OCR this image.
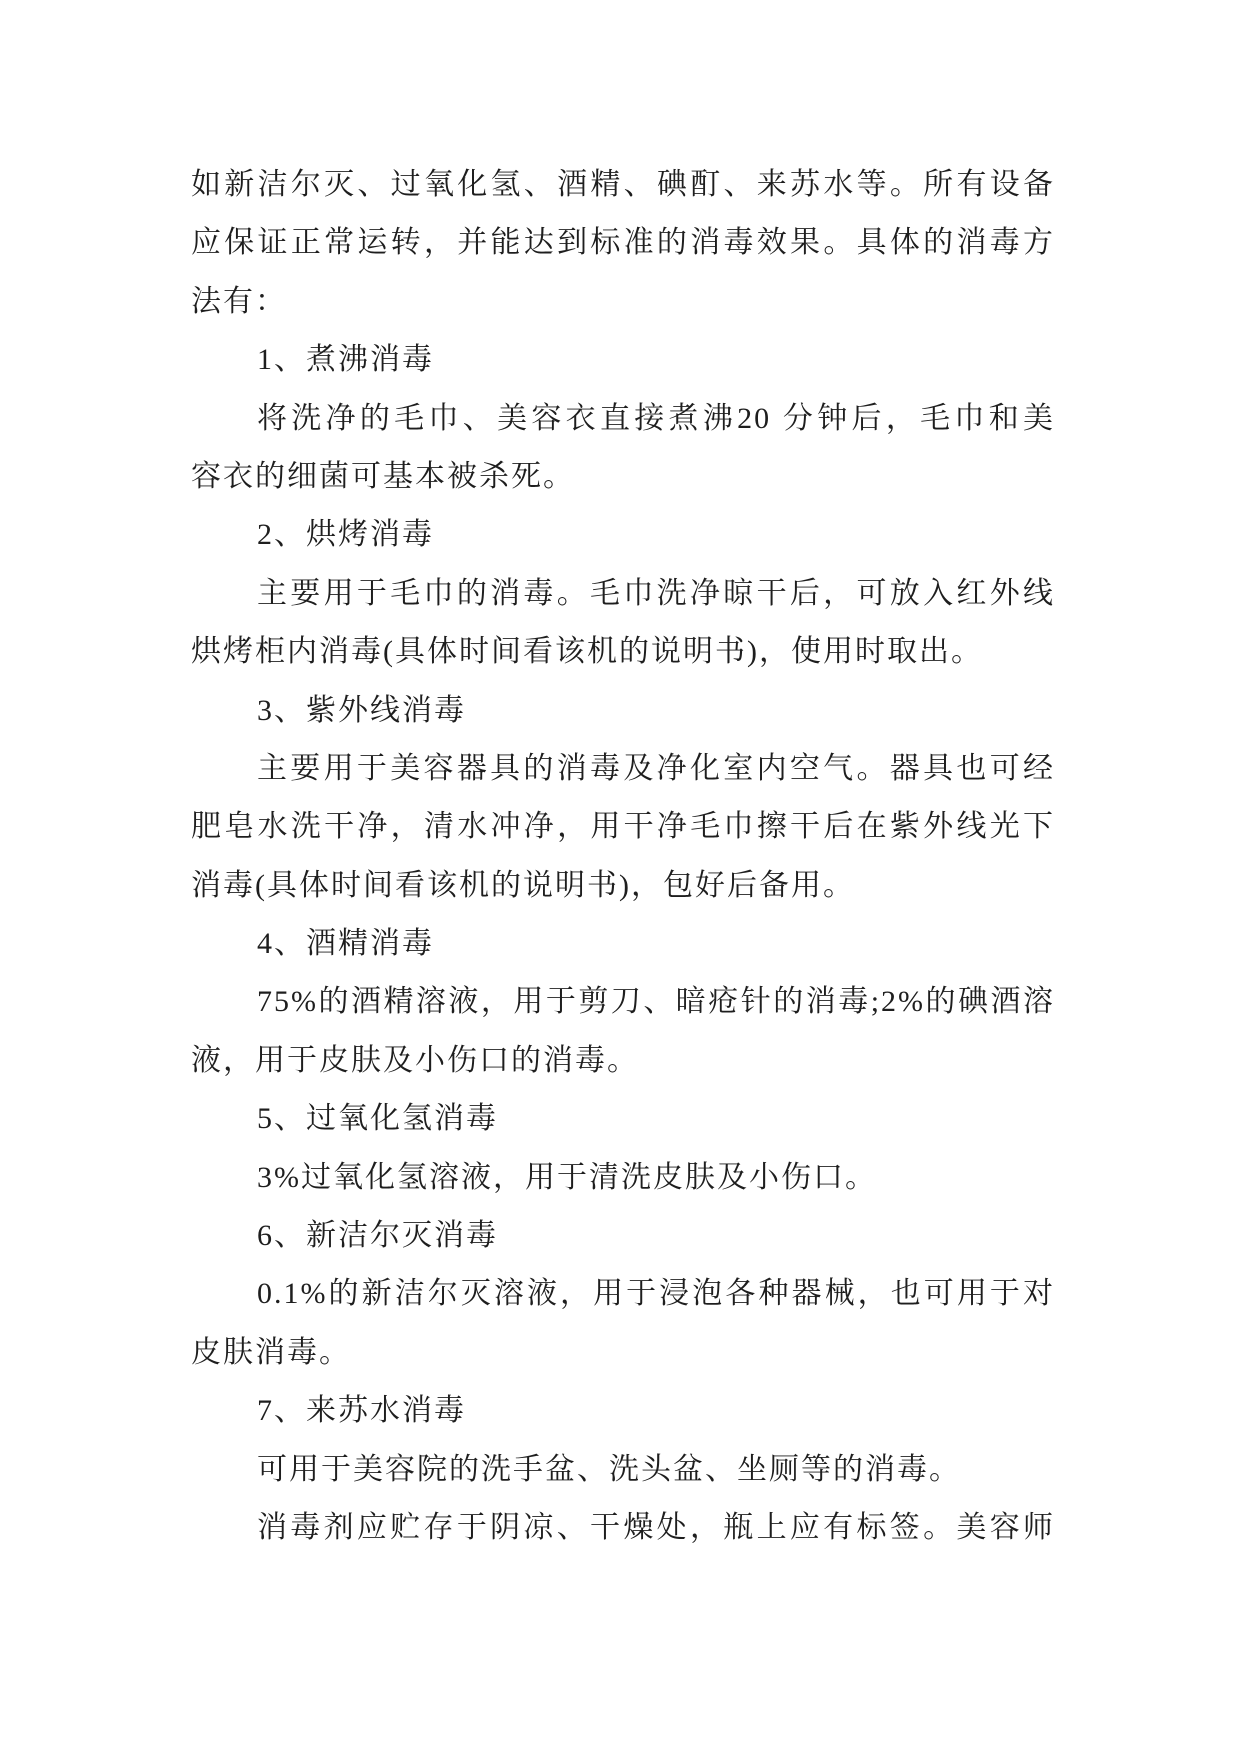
如新洁尔灭、过氧化氢、酒精、碘酊、来苏水等。所有设备
应保证正常运转，并能达到标准的消毒效果。具体的消毒方
法有：
1、煮沸消毒
将洗净的毛巾、美容衣直接煮沸20 分钟后，毛巾和美
容衣的细菌可基本被杀死。
2、烘烤消毒
主要用于毛巾的消毒。毛巾洗净晾干后，可放入红外线
烘烤柜内消毒(具体时间看该机的说明书)，使用时取出。
3、紫外线消毒
主要用于美容器具的消毒及净化室内空气。器具也可经
肥皂水洗干净，清水冲净，用干净毛巾擦干后在紫外线光下
消毒(具体时间看该机的说明书)，包好后备用。
4、酒精消毒
75%的酒精溶液，用于剪刀、暗疮针的消毒;2%的碘酒溶
液，用于皮肤及小伤口的消毒。
5、过氧化氢消毒
3%过氧化氢溶液，用于清洗皮肤及小伤口。
6、新洁尔灭消毒
0.1%的新洁尔灭溶液，用于浸泡各种器械，也可用于对
皮肤消毒。
7、来苏水消毒
可用于美容院的洗手盆、洗头盆、坐厕等的消毒。
消毒剂应贮存于阴凉、干燥处，瓶上应有标签。美容师
